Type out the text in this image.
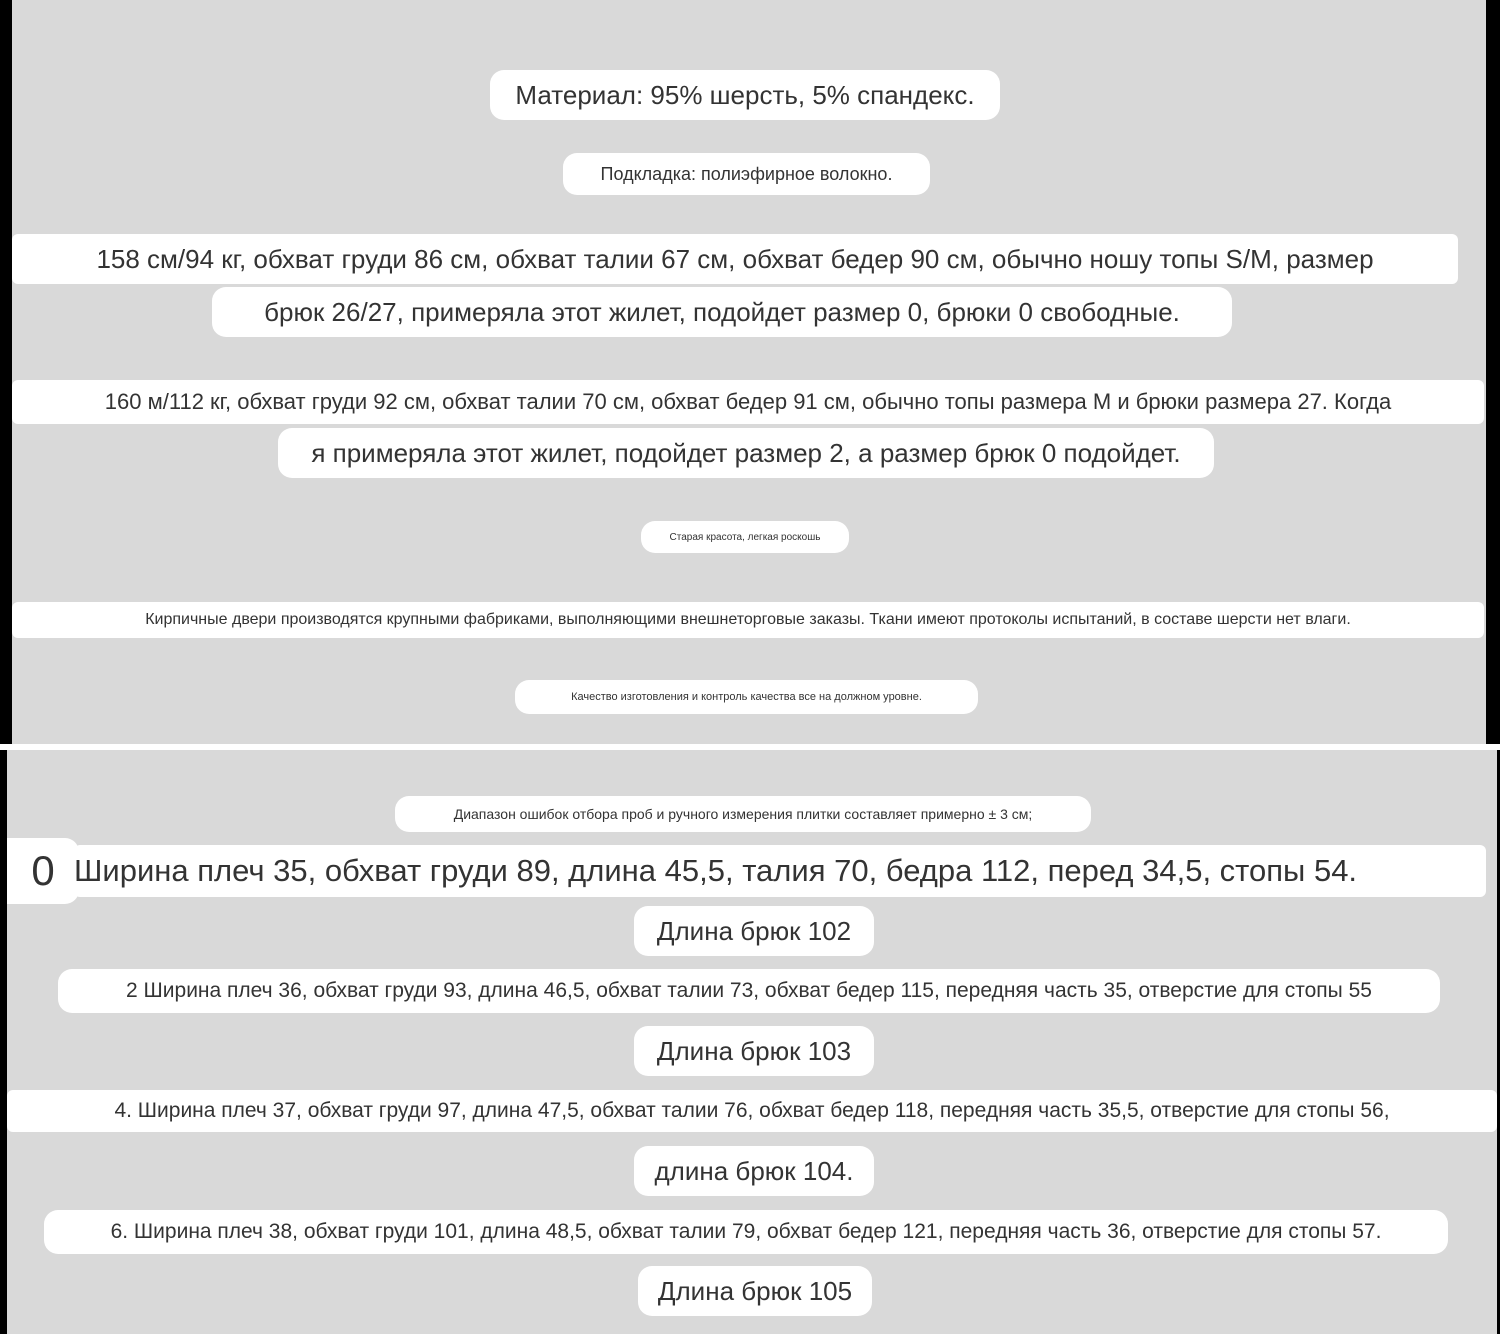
Материал: 95% шерсть, 5% спандекс.
Подкладка: полиэфирное волокно.
158 см/94 кг, обхват груди 86 см, обхват талии 67 см, обхват бедер 90 см, обычно ношу топы S/M, размер
брюк 26/27, примеряла этот жилет, подойдет размер 0, брюки 0 свободные.
160 м/112 кг, обхват груди 92 см, обхват талии 70 см, обхват бедер 91 см, обычно топы размера M и брюки размера 27. Когда
я примеряла этот жилет, подойдет размер 2, а размер брюк 0 подойдет.
Старая красота, легкая роскошь
Кирпичные двери производятся крупными фабриками, выполняющими внешнеторговые заказы. Ткани имеют протоколы испытаний, в составе шерсти нет влаги.
Качество изготовления и контроль качества все на должном уровне.
Диапазон ошибок отбора проб и ручного измерения плитки составляет примерно ± 3 см;
0 Ширина плеч 35, обхват груди 89, длина 45,5, талия 70, бедра 112, перед 34,5, стопы 54.
Длина брюк 102
2 Ширина плеч 36, обхват груди 93, длина 46,5, обхват талии 73, обхват бедер 115, передняя часть 35, отверстие для стопы 55
Длина брюк 103
4. Ширина плеч 37, обхват груди 97, длина 47,5, обхват талии 76, обхват бедер 118, передняя часть 35,5, отверстие для стопы 56,
длина брюк 104.
6. Ширина плеч 38, обхват груди 101, длина 48,5, обхват талии 79, обхват бедер 121, передняя часть 36, отверстие для стопы 57.
Длина брюк 105
